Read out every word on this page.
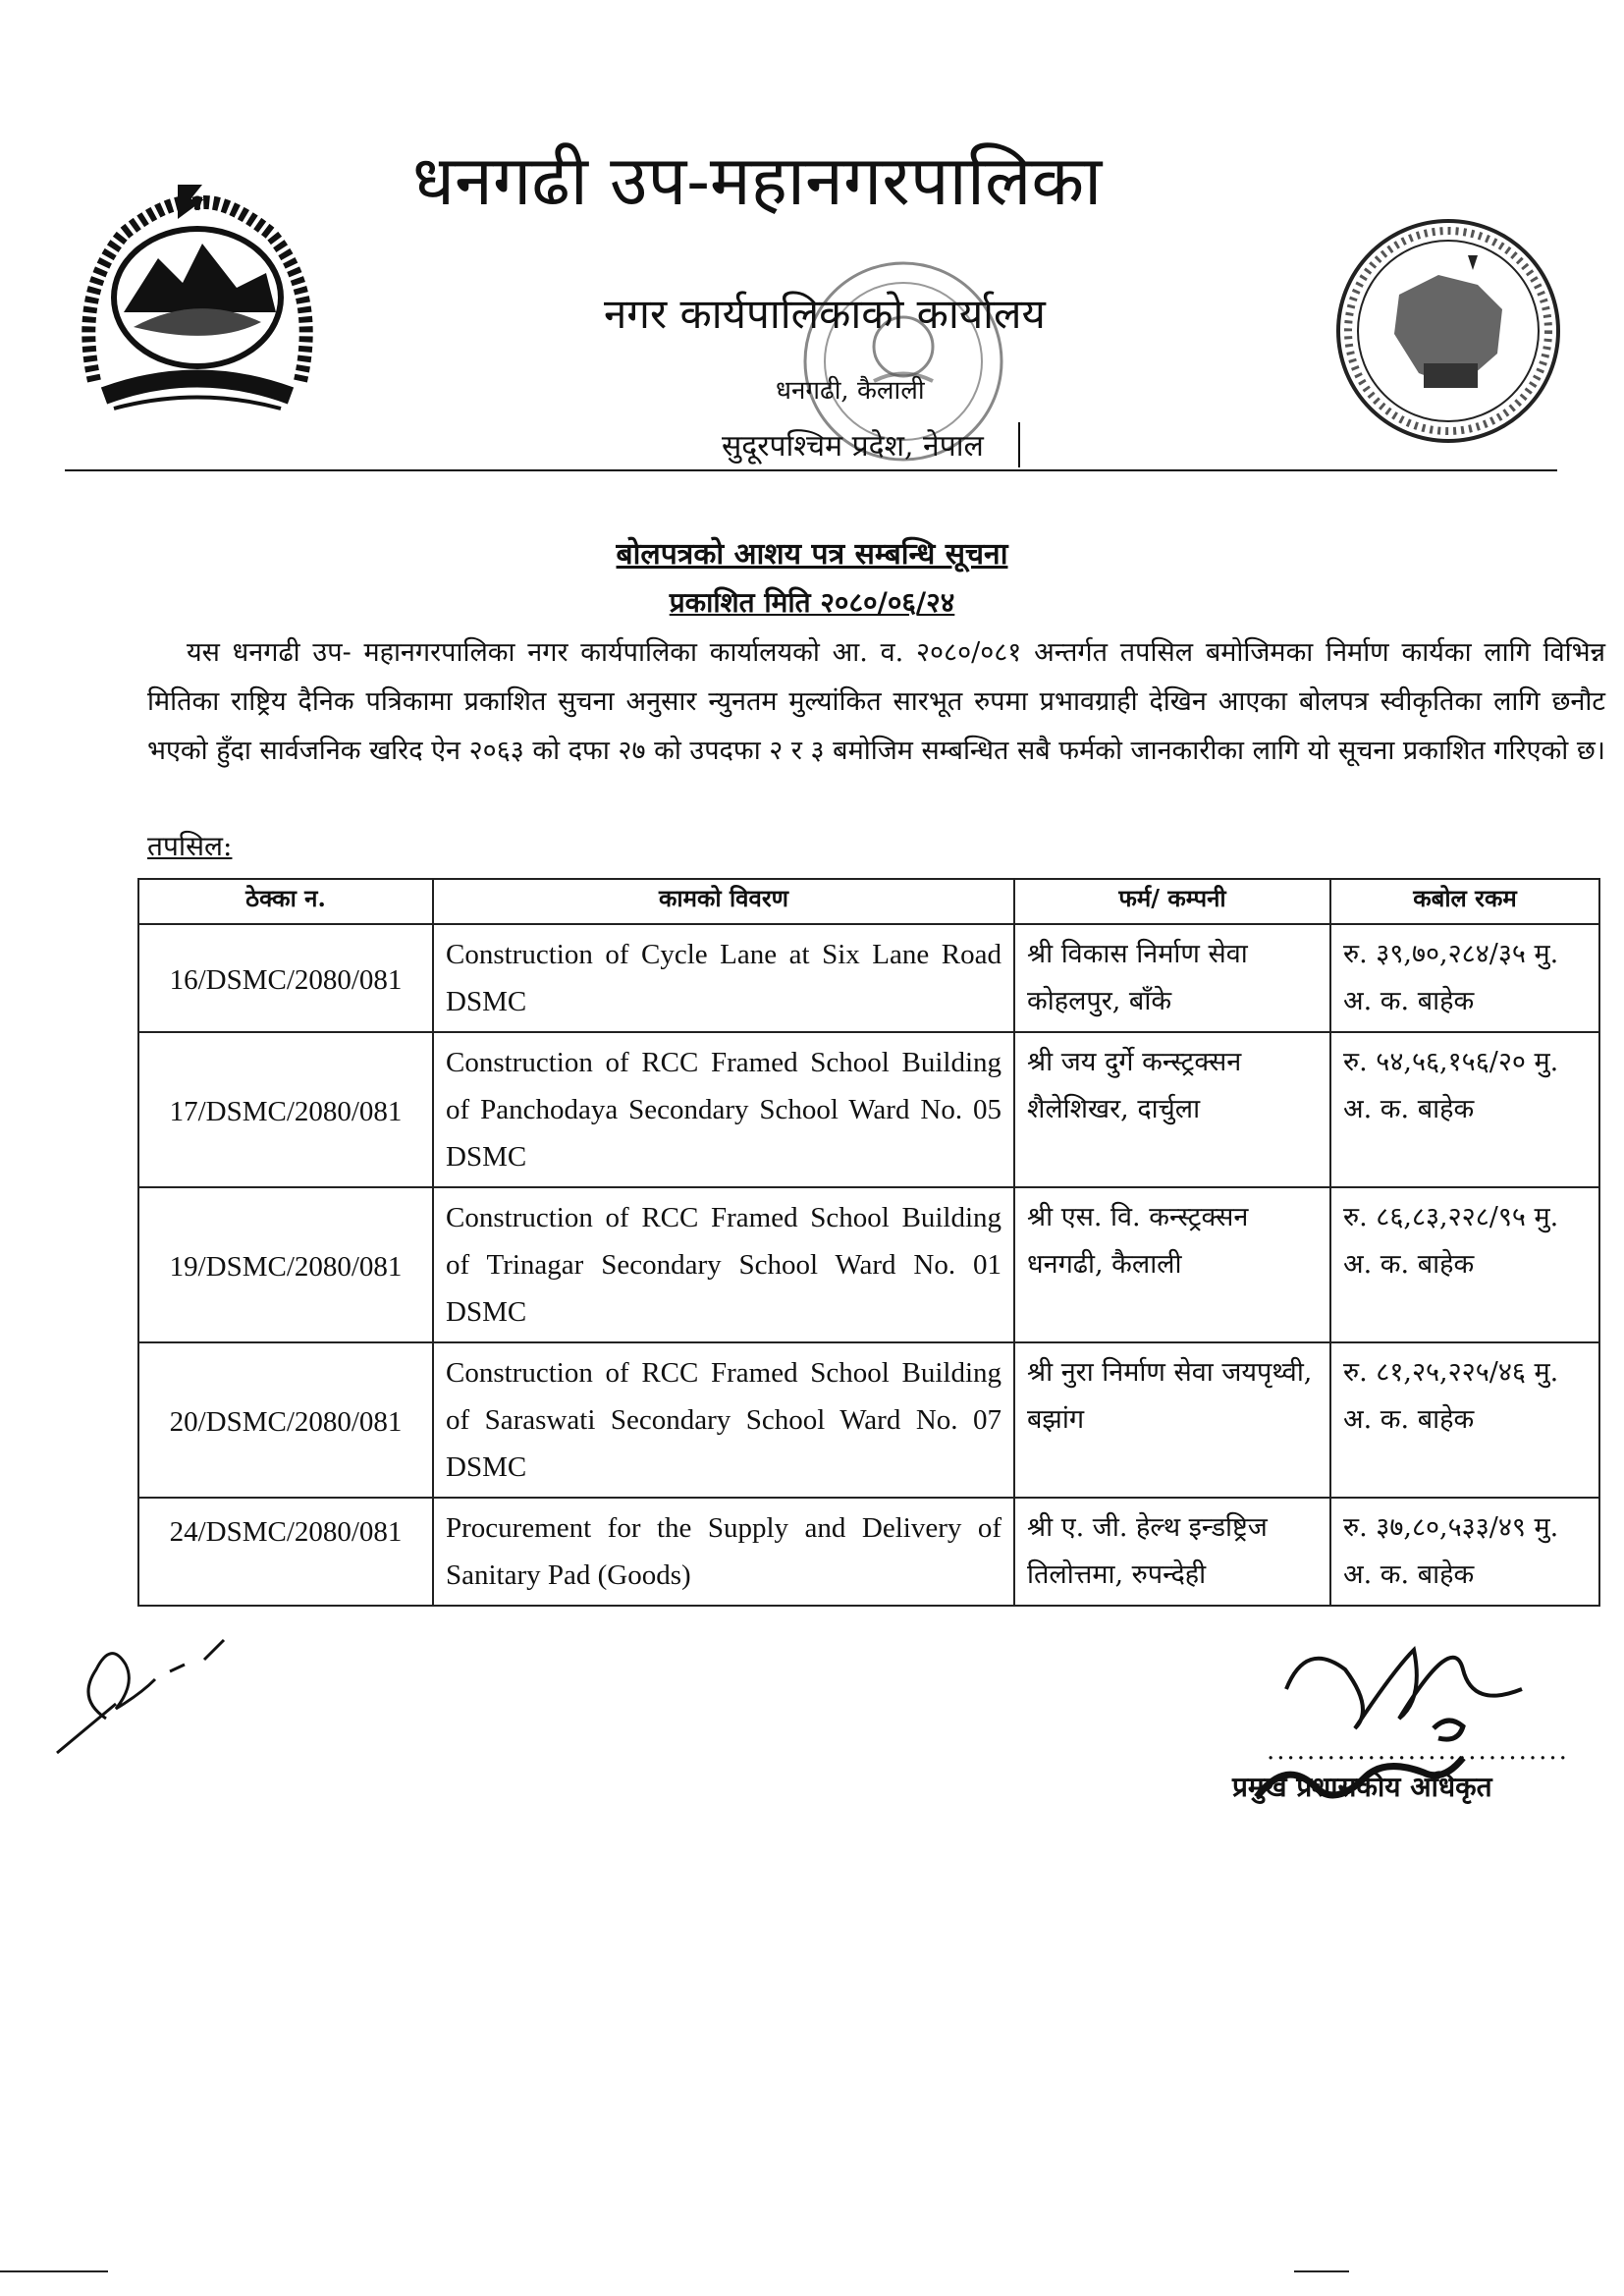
धनगढी उप-महानगरपालिका
नगर कार्यपालिकाको कार्यालय
धनगढी, कैलाली
सुदूरपश्चिम प्रदेश, नेपाल
बोलपत्रको आशय पत्र सम्बन्धि सूचना
प्रकाशित मिति २०८०/०६/२४
यस धनगढी उप- महानगरपालिका नगर कार्यपालिका कार्यालयको आ. व. २०८०/०८१ अन्तर्गत तपसिल बमोजिमका निर्माण कार्यका लागि विभिन्न मितिका राष्ट्रिय दैनिक पत्रिकामा प्रकाशित सुचना अनुसार न्युनतम मुल्यांकित सारभूत रुपमा प्रभावग्राही देखिन आएका बोलपत्र स्वीकृतिका लागि छनौट भएको हुँदा सार्वजनिक खरिद ऐन २०६३ को दफा २७ को उपदफा २ र ३ बमोजिम सम्बन्धित सबै फर्मको जानकारीका लागि यो सूचना प्रकाशित गरिएको छ।
तपसिल:
ठेक्का न.	कामको विवरण	फर्म/ कम्पनी	कबोल रकम
16/DSMC/2080/081	Construction of Cycle Lane at Six Lane Road DSMC	श्री विकास निर्माण सेवा कोहलपुर, बाँके	रु. ३९,७०,२८४/३५ मु. अ. क. बाहेक
17/DSMC/2080/081	Construction of RCC Framed School Building of Panchodaya Secondary School Ward No. 05 DSMC	श्री जय दुर्गे कन्स्ट्रक्सन शैलेशिखर, दार्चुला	रु. ५४,५६,१५६/२० मु. अ. क. बाहेक
19/DSMC/2080/081	Construction of RCC Framed School Building of Trinagar Secondary School Ward No. 01 DSMC	श्री एस. वि. कन्स्ट्रक्सन धनगढी, कैलाली	रु. ८६,८३,२२८/९५ मु. अ. क. बाहेक
20/DSMC/2080/081	Construction of RCC Framed School Building of Saraswati Secondary School Ward No. 07 DSMC	श्री नुरा निर्माण सेवा जयपृथ्वी, बझांग	रु. ८१,२५,२२५/४६ मु. अ. क. बाहेक
24/DSMC/2080/081	Procurement for the Supply and Delivery of Sanitary Pad (Goods)	श्री ए. जी. हेल्थ इन्डष्ट्रिज तिलोत्तमा, रुपन्देही	रु. ३७,८०,५३३/४९ मु. अ. क. बाहेक
..............................
प्रमुख प्रशासकीय अधिकृत
